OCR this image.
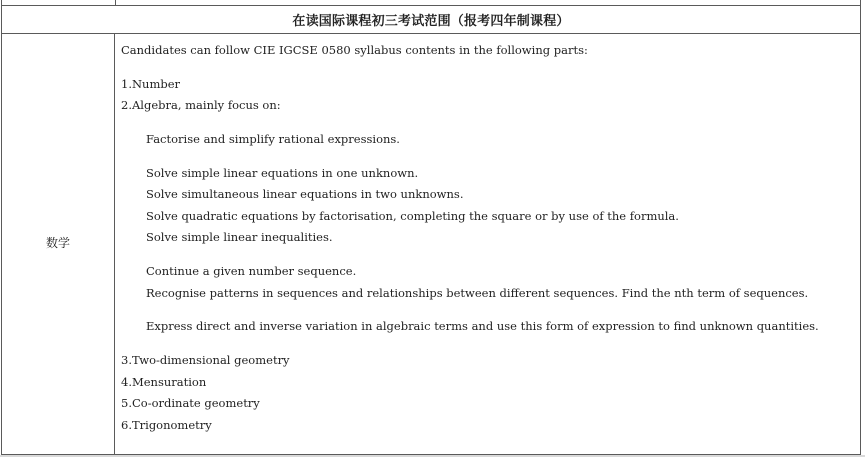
在读国际课程初三考试范围（报考四年制课程）
数学
Candidates can follow CIE IGCSE 0580 syllabus contents in the following parts:
1.Number
2.Algebra, mainly focus on:
Factorise and simplify rational expressions.
Solve simple linear equations in one unknown.
Solve simultaneous linear equations in two unknowns.
Solve quadratic equations by factorisation, completing the square or by use of the formula.
Solve simple linear inequalities.
Continue a given number sequence.
Recognise patterns in sequences and relationships between different sequences. Find the nth term of sequences.
Express direct and inverse variation in algebraic terms and use this form of expression to find unknown quantities.
3.Two-dimensional geometry
4.Mensuration
5.Co-ordinate geometry
6.Trigonometry
